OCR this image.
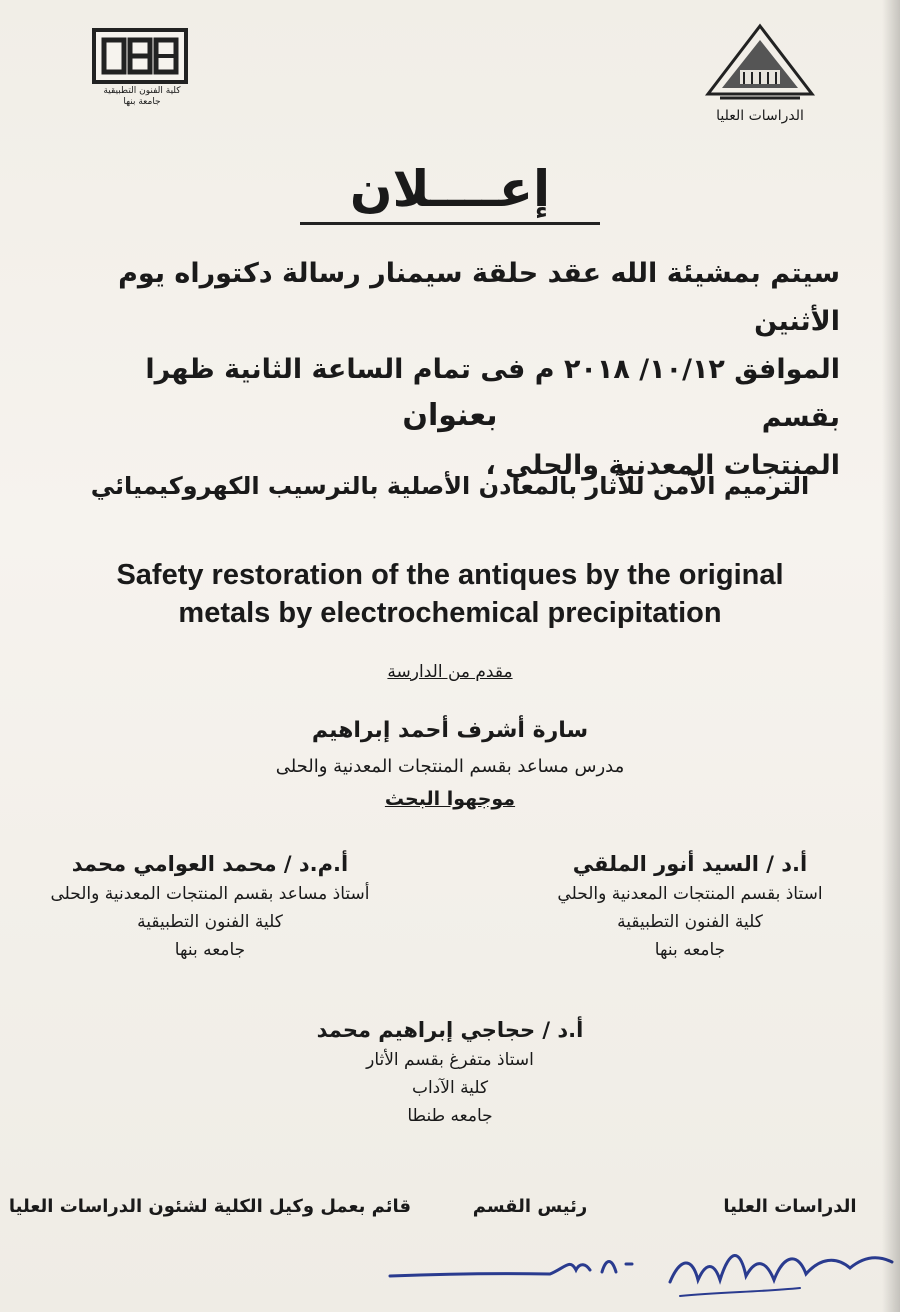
كلية الفنون التطبيقية جامعة بنها
الدراسات العليا
إعــــلان
سيتم بمشيئة الله عقد حلقة سيمنار رسالة دكتوراه يوم الأثنين
الموافق ١٠/١٢/ ٢٠١٨ م فى تمام الساعة الثانية ظهرا بقسم
المنتجات المعدنية والحلي ،
بعنوان
الترميم الآمن للآثار بالمعادن الأصلية بالترسيب الكهروكيميائي
Safety restoration of the antiques by the original
metals by electrochemical precipitation
مقدم من الدارسة
سارة أشرف أحمد إبراهيم
مدرس مساعد بقسم المنتجات المعدنية والحلى
موجهوا البحث
أ.د / السيد أنور الملقي
استاذ بقسم المنتجات المعدنية والحلي
كلية الفنون التطبيقية
جامعه بنها
أ.م.د / محمد العوامي محمد
أستاذ مساعد بقسم المنتجات المعدنية والحلى
كلية الفنون التطبيقية
جامعه بنها
أ.د / حجاجي إبراهيم محمد
استاذ متفرغ بقسم الأثار
كلية الآداب
جامعه طنطا
الدراسات العليا
رئيس القسم
قائم بعمل وكيل الكلية لشئون الدراسات العليا
